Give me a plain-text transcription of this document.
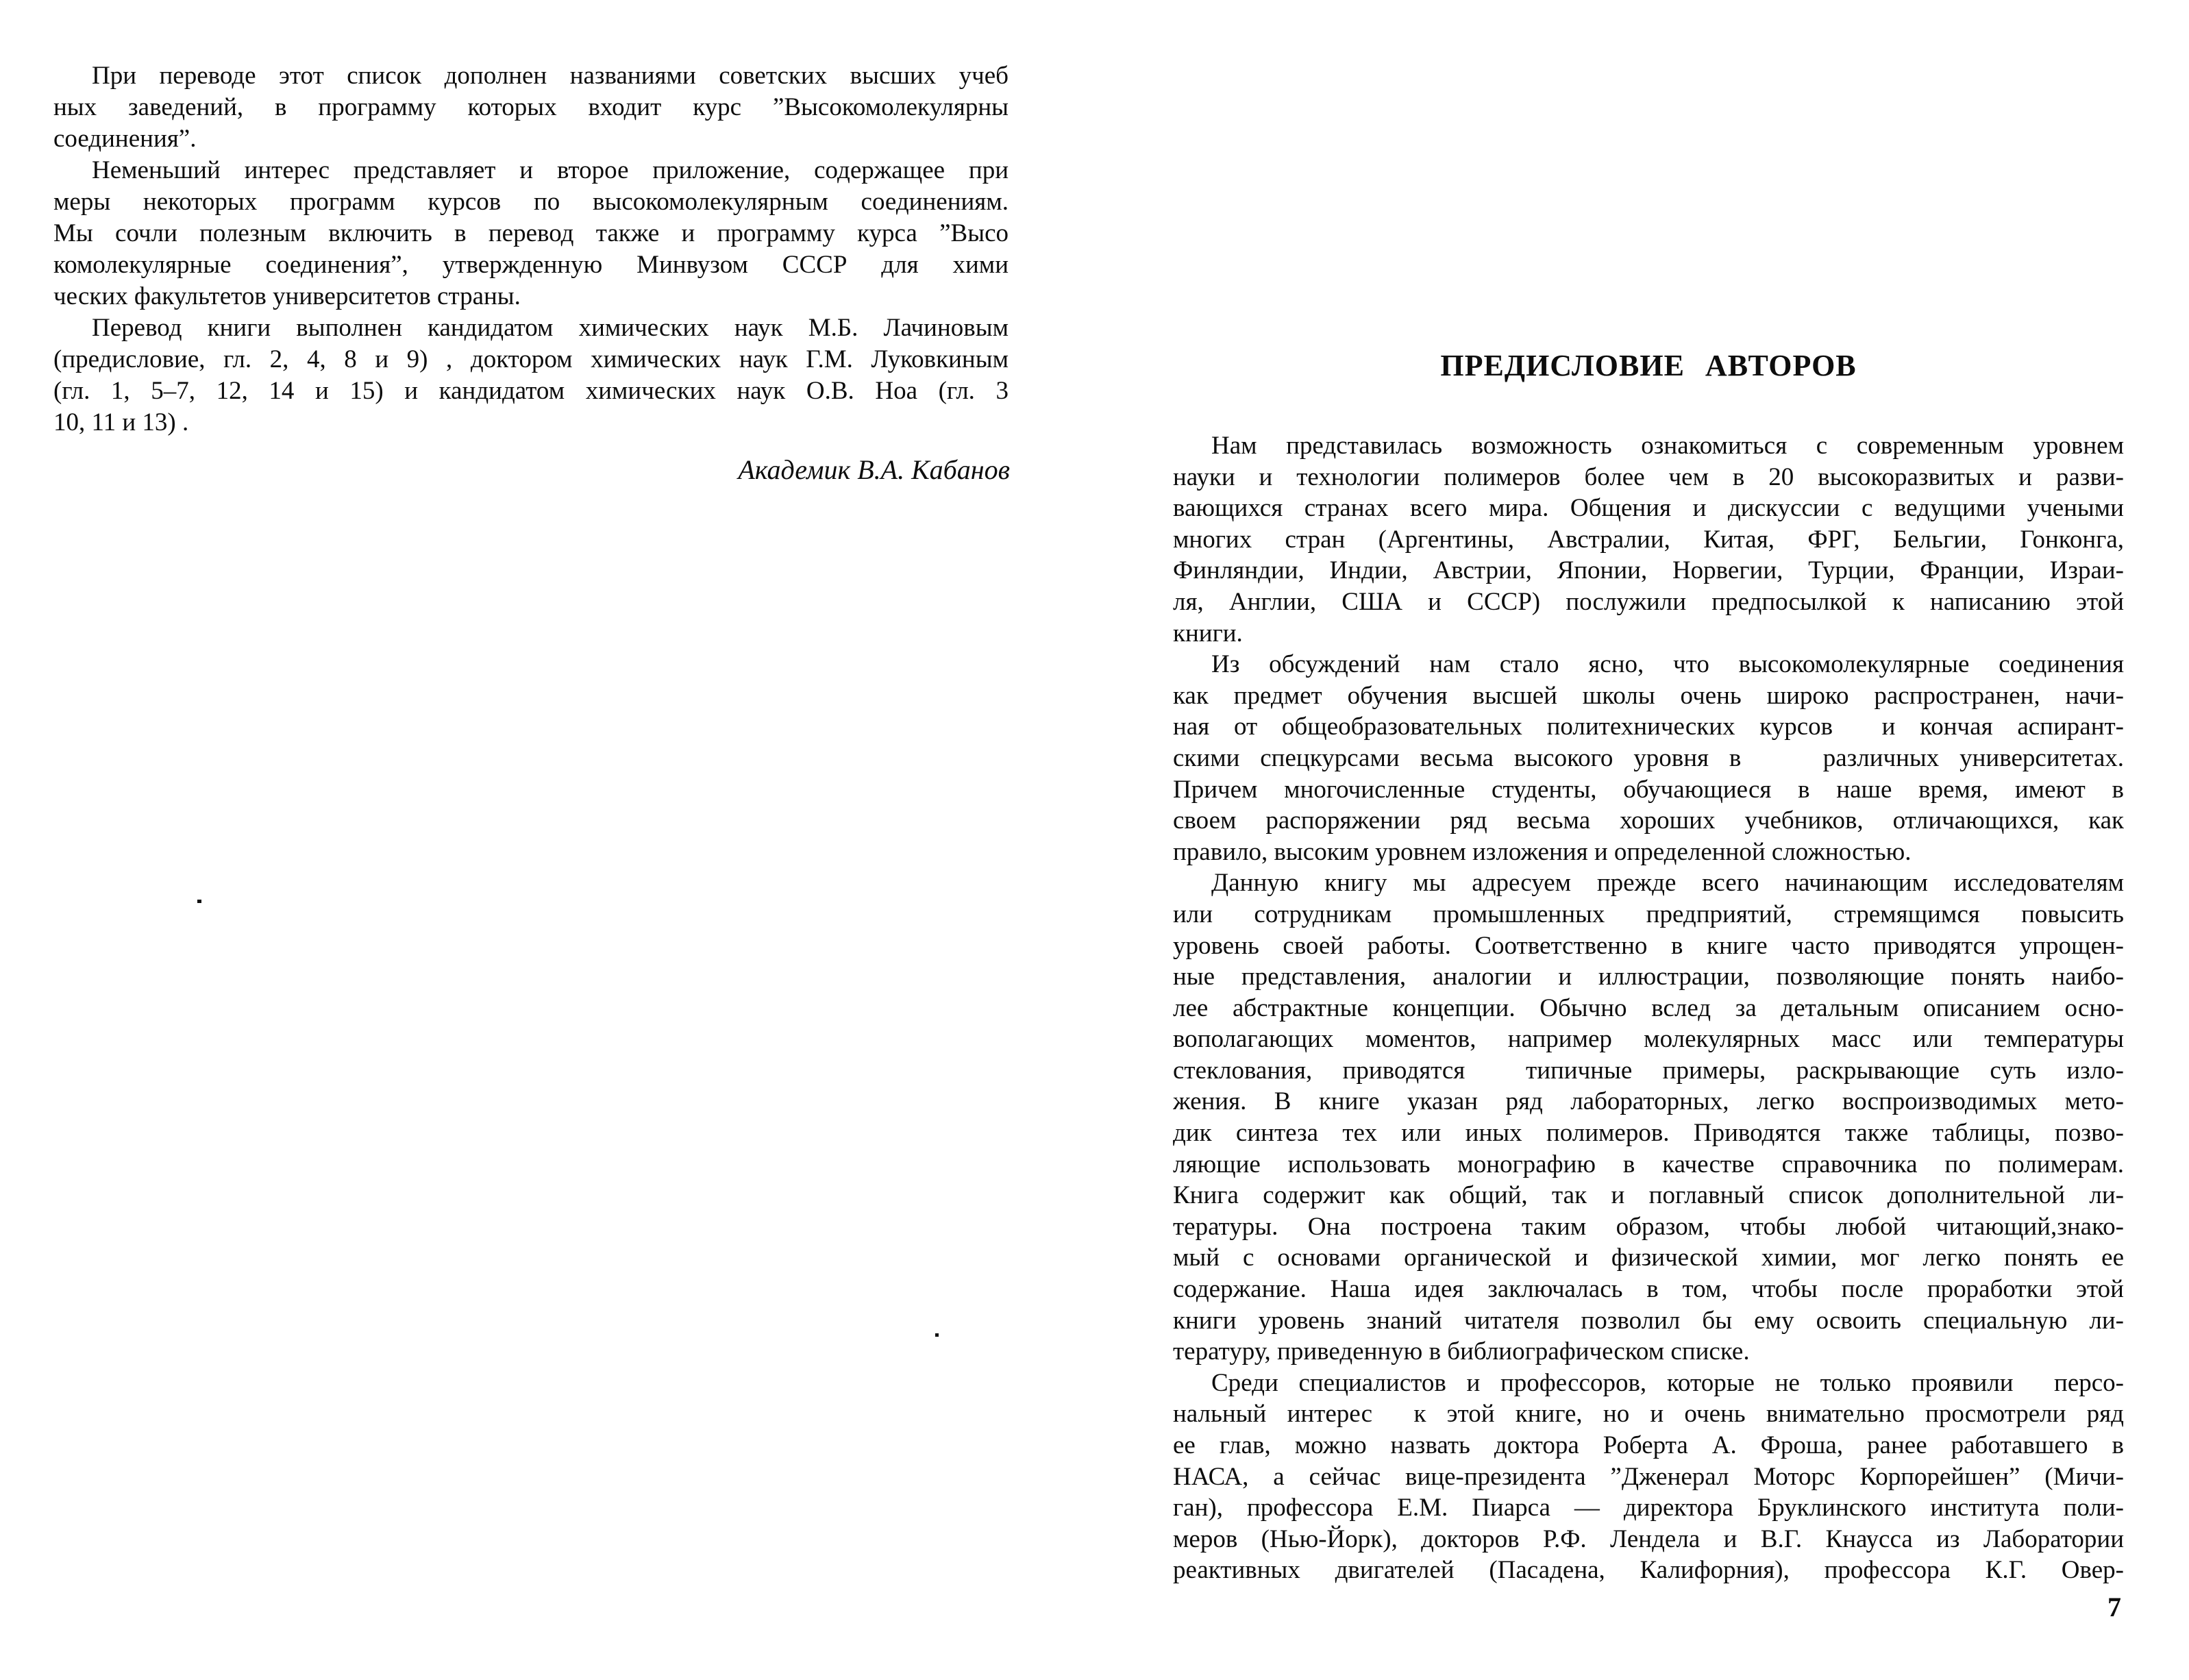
При переводе этот список дополнен названиями советских высших учеб
ных заведений, в программу которых входит курс ”Высокомолекулярны
соединения”.
Неменьший интерес представляет и второе приложение, содержащее при
меры некоторых программ курсов по высокомолекулярным соединениям.
Мы сочли полезным включить в перевод также и программу курса ”Высо
комолекулярные соединения”, утвержденную Минвузом СССР для хими
ческих факультетов университетов страны.
Перевод книги выполнен кандидатом химических наук М.Б. Лачиновым
(предисловие, гл. 2, 4, 8 и 9) , доктором химических наук Г.М. Луковкиным
(гл. 1, 5–7, 12, 14 и 15) и кандидатом химических наук О.В. Ноа (гл. 3
10, 11 и 13) .
Академик В.А. Кабанов
ПРЕДИСЛОВИЕ АВТОРОВ
Нам представилась возможность ознакомиться с современным уровнем
науки и технологии полимеров более чем в 20 высокоразвитых и разви-
вающихся странах всего мира. Общения и дискуссии с ведущими учеными
многих стран (Аргентины, Австралии, Китая, ФРГ, Бельгии, Гонконга,
Финляндии, Индии, Австрии, Японии, Норвегии, Турции, Франции, Израи-
ля, Англии, США и СССР) послужили предпосылкой к написанию этой
книги.
Из обсуждений нам стало ясно, что высокомолекулярные соединения
как предмет обучения высшей школы очень широко распространен, начи-
ная от общеобразовательных политехнических курсов  и кончая аспирант-
скими спецкурсами весьма высокого уровня в    различных университетах.
Причем многочисленные студенты, обучающиеся в наше время, имеют в
своем распоряжении ряд весьма хороших учебников, отличающихся, как
правило, высоким уровнем изложения и определенной сложностью.
Данную книгу мы адресуем прежде всего начинающим исследователям
или сотрудникам промышленных предприятий, стремящимся повысить
уровень своей работы. Соответственно в книге часто приводятся упрощен-
ные представления, аналогии и иллюстрации, позволяющие понять наибо-
лее абстрактные концепции. Обычно вслед за детальным описанием осно-
вополагающих моментов, например молекулярных масс или температуры
стеклования, приводятся  типичные примеры, раскрывающие суть изло-
жения. В книге указан ряд лабораторных, легко воспроизводимых мето-
дик синтеза тех или иных полимеров. Приводятся также таблицы, позво-
ляющие использовать монографию в качестве справочника по полимерам.
Книга содержит как общий, так и поглавный список дополнительной ли-
тературы. Она построена таким образом, чтобы любой читающий,знако-
мый с основами органической и физической химии, мог легко понять ее
содержание. Наша идея заключалась в том, чтобы после проработки этой
книги уровень знаний читателя позволил бы ему освоить специальную ли-
тературу, приведенную в библиографическом списке.
Среди специалистов и профессоров, которые не только проявили  персо-
нальный интерес  к этой книге, но и очень внимательно просмотрели ряд
ее глав, можно назвать доктора Роберта А. Фроша, ранее работавшего в
НАСА, а сейчас вице-президента ”Дженерал Моторс Корпорейшен” (Мичи-
ган), профессора Е.М. Пиарса — директора Бруклинского института поли-
меров (Нью-Йорк), докторов Р.Ф. Лендела и В.Г. Кнаусса из Лаборатории
реактивных двигателей (Пасадена, Калифорния), профессора К.Г. Овер-
7
